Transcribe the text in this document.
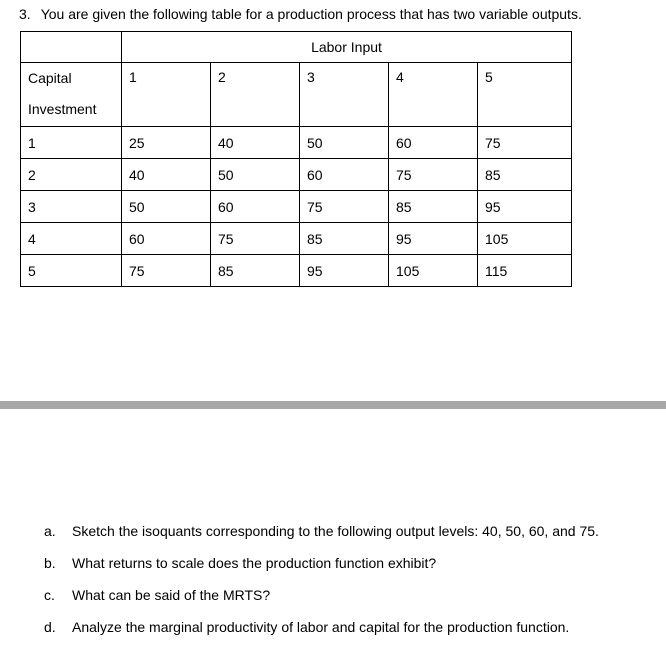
3. You are given the following table for a production process that has two variable outputs.
	Labor Input				
Capital Investment	1	2	3	4	5

1	25	40	50	60	75
2	40	50	60	75	85
3	50	60	75	85	95
4	60	75	85	95	105
5	75	85	95	105	115
a. Sketch the isoquants corresponding to the following output levels: 40, 50, 60, and 75.
b. What returns to scale does the production function exhibit?
c. What can be said of the MRTS?
d. Analyze the marginal productivity of labor and capital for the production function.
